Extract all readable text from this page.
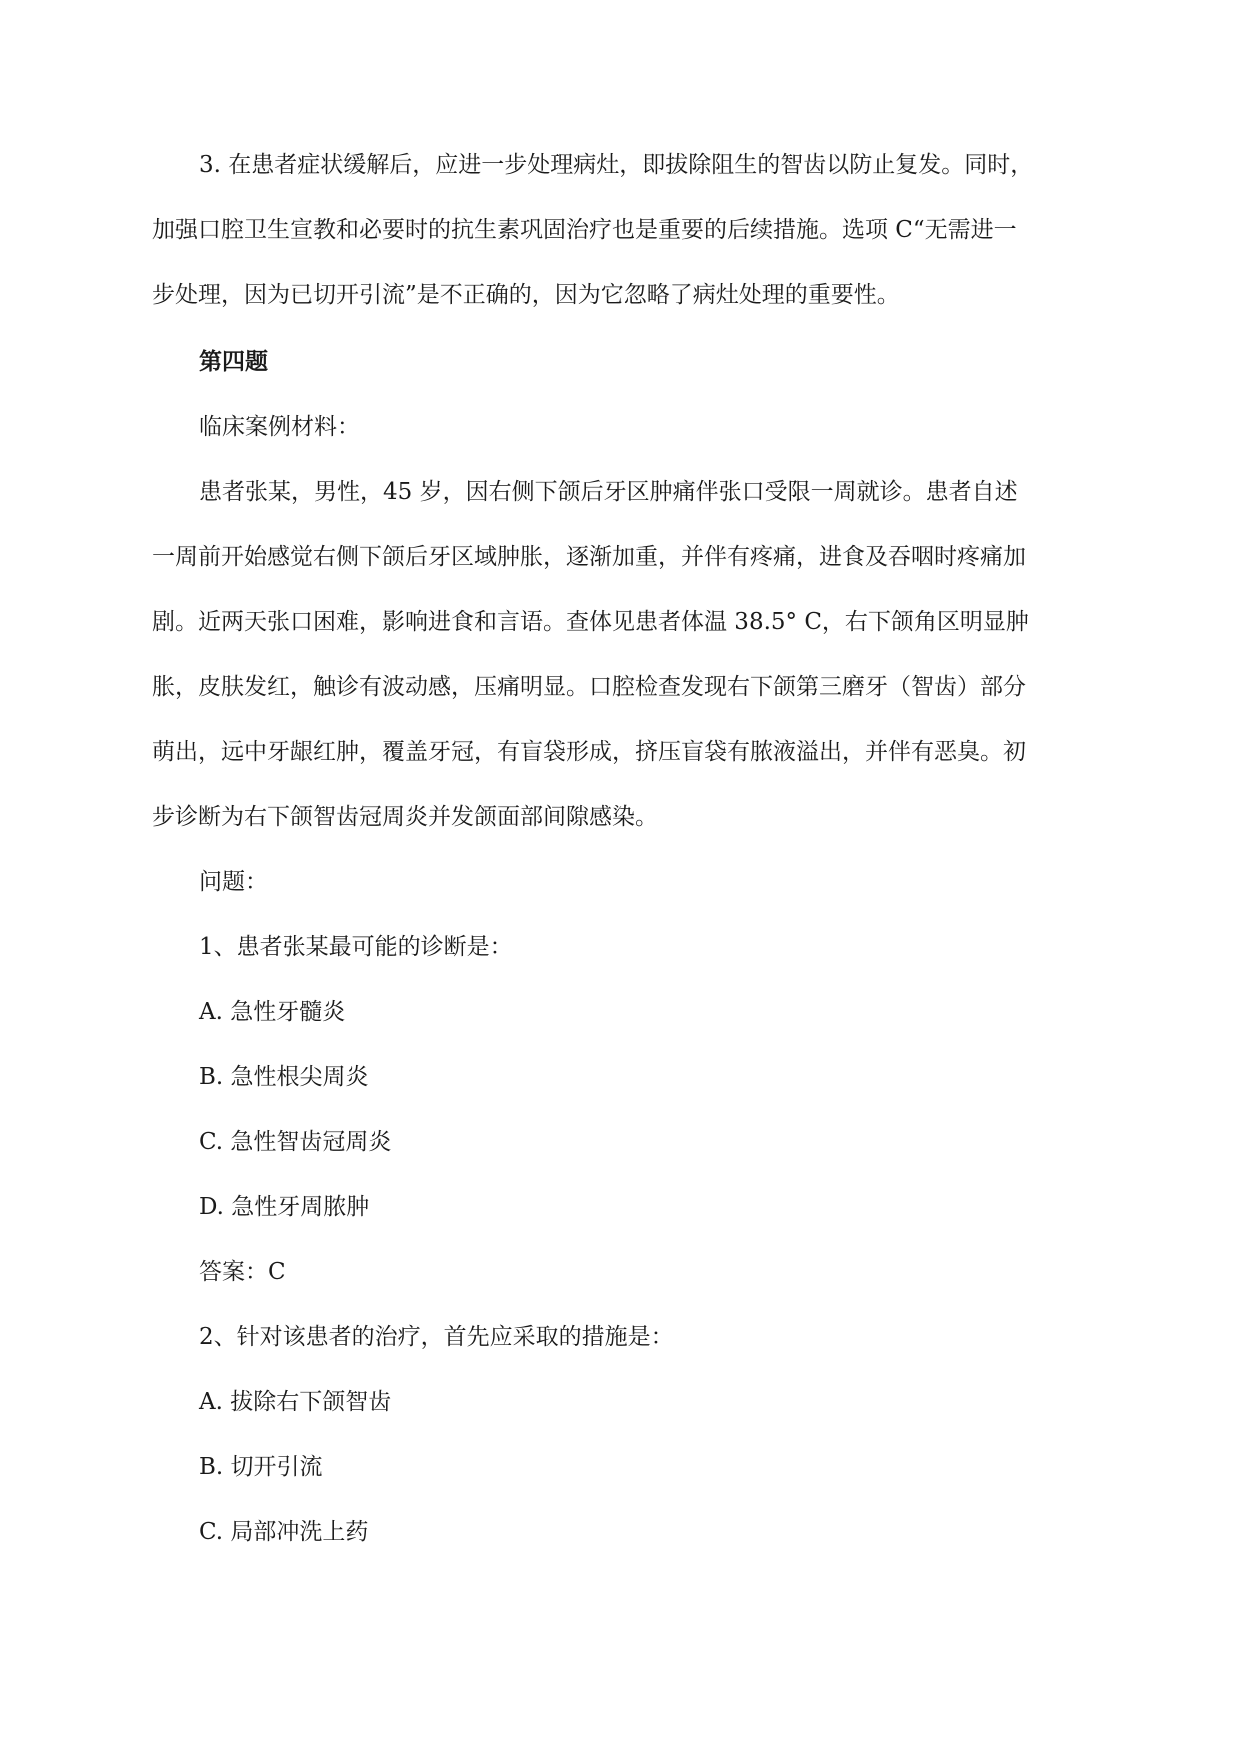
3. 在患者症状缓解后，应进一步处理病灶，即拔除阻生的智齿以防止复发。同时，
加强口腔卫生宣教和必要时的抗生素巩固治疗也是重要的后续措施。选项 C“无需进一
步处理，因为已切开引流”是不正确的，因为它忽略了病灶处理的重要性。
第四题
临床案例材料：
患者张某，男性，45 岁，因右侧下颌后牙区肿痛伴张口受限一周就诊。患者自述
一周前开始感觉右侧下颌后牙区域肿胀，逐渐加重，并伴有疼痛，进食及吞咽时疼痛加
剧。近两天张口困难，影响进食和言语。查体见患者体温 38.5° C，右下颌角区明显肿
胀，皮肤发红，触诊有波动感，压痛明显。口腔检查发现右下颌第三磨牙（智齿）部分
萌出，远中牙龈红肿，覆盖牙冠，有盲袋形成，挤压盲袋有脓液溢出，并伴有恶臭。初
步诊断为右下颌智齿冠周炎并发颌面部间隙感染。
问题：
1、患者张某最可能的诊断是：
A. 急性牙髓炎
B. 急性根尖周炎
C. 急性智齿冠周炎
D. 急性牙周脓肿
答案：C
2、针对该患者的治疗，首先应采取的措施是：
A. 拔除右下颌智齿
B. 切开引流
C. 局部冲洗上药
